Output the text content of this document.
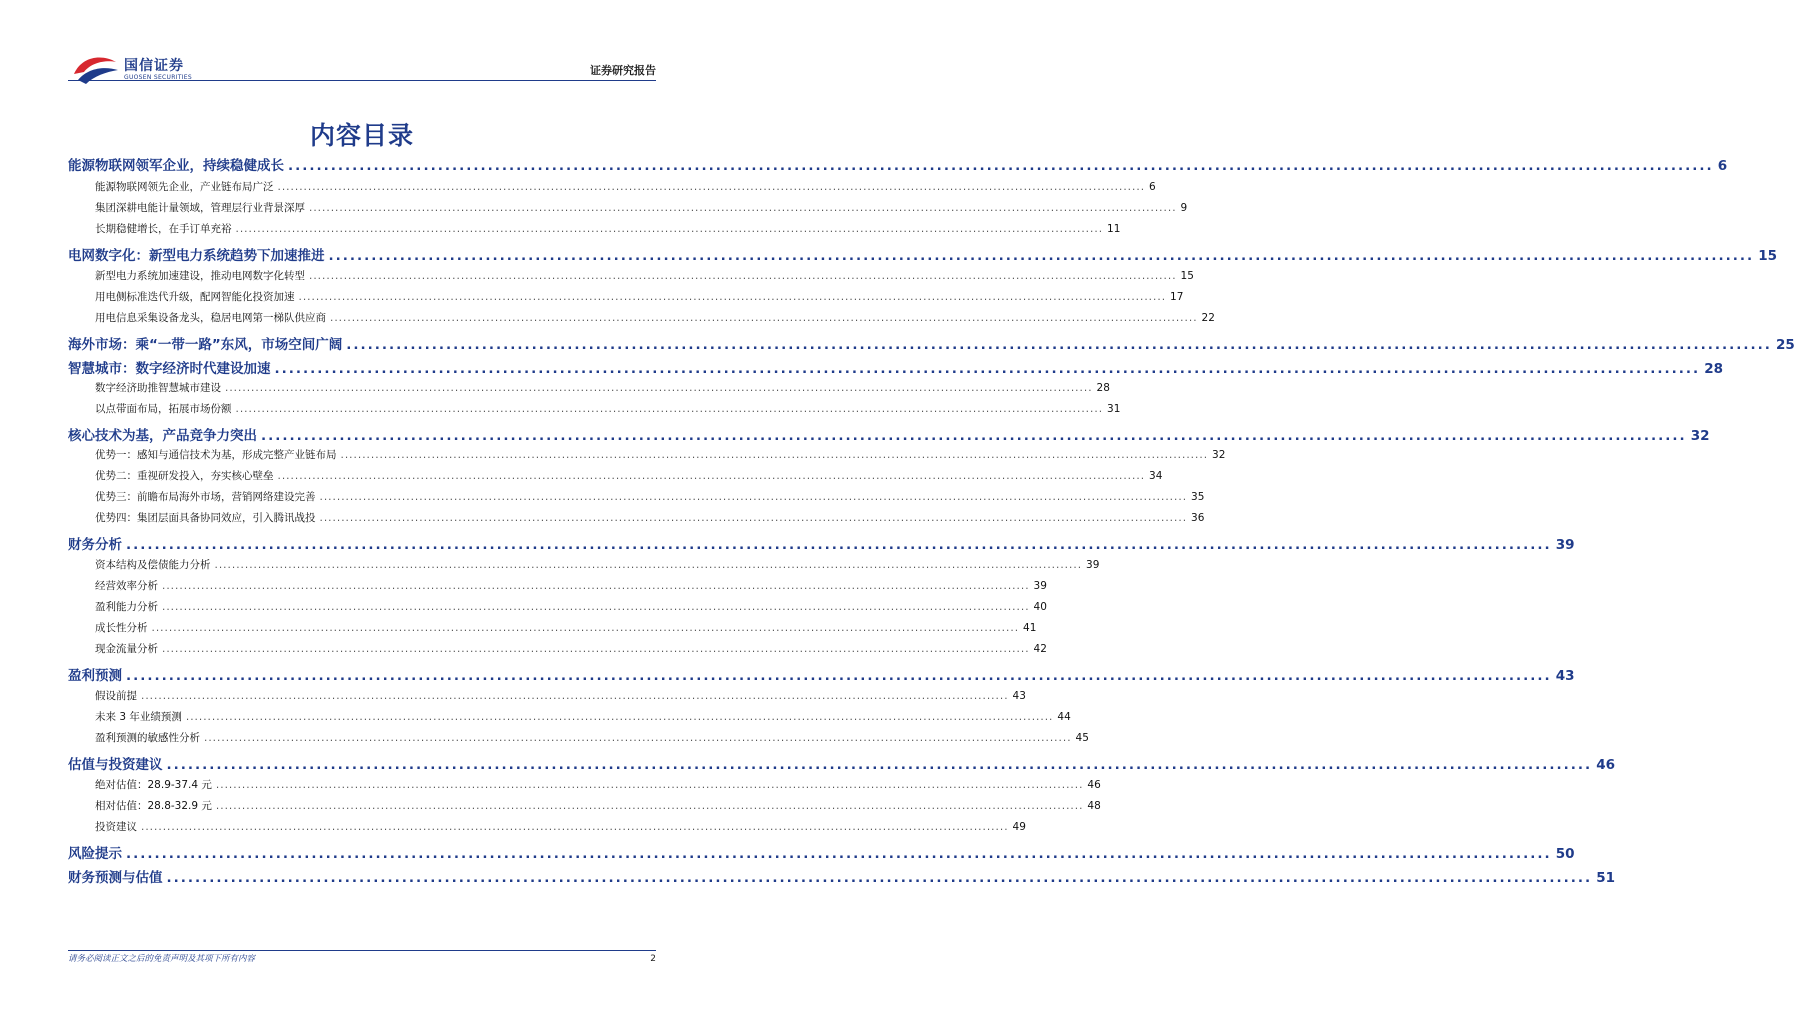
国信证券
GUOSEN SECURITIES
证券研究报告
内容目录
能源物联网领军企业，持续稳健成长 ........................................................................................................................................................................................................ 6
能源物联网领先企业，产业链布局广泛 ........................................................................................................................................................................................................ 6
集团深耕电能计量领域，管理层行业背景深厚 ........................................................................................................................................................................................................ 9
长期稳健增长，在手订单充裕 ........................................................................................................................................................................................................ 11
电网数字化：新型电力系统趋势下加速推进 ........................................................................................................................................................................................................ 15
新型电力系统加速建设，推动电网数字化转型 ........................................................................................................................................................................................................ 15
用电侧标准迭代升级，配网智能化投资加速 ........................................................................................................................................................................................................ 17
用电信息采集设备龙头，稳居电网第一梯队供应商 ........................................................................................................................................................................................................ 22
海外市场：乘“一带一路”东风，市场空间广阔 ........................................................................................................................................................................................................ 25
智慧城市：数字经济时代建设加速 ........................................................................................................................................................................................................ 28
数字经济助推智慧城市建设 ........................................................................................................................................................................................................ 28
以点带面布局，拓展市场份额 ........................................................................................................................................................................................................ 31
核心技术为基，产品竞争力突出 ........................................................................................................................................................................................................ 32
优势一：感知与通信技术为基，形成完整产业链布局 ........................................................................................................................................................................................................ 32
优势二：重视研发投入，夯实核心壁垒 ........................................................................................................................................................................................................ 34
优势三：前瞻布局海外市场，营销网络建设完善 ........................................................................................................................................................................................................ 35
优势四：集团层面具备协同效应，引入腾讯战投 ........................................................................................................................................................................................................ 36
财务分析 ........................................................................................................................................................................................................ 39
资本结构及偿债能力分析 ........................................................................................................................................................................................................ 39
经营效率分析 ........................................................................................................................................................................................................ 39
盈利能力分析 ........................................................................................................................................................................................................ 40
成长性分析 ........................................................................................................................................................................................................ 41
现金流量分析 ........................................................................................................................................................................................................ 42
盈利预测 ........................................................................................................................................................................................................ 43
假设前提 ........................................................................................................................................................................................................ 43
未来 3 年业绩预测 ........................................................................................................................................................................................................ 44
盈利预测的敏感性分析 ........................................................................................................................................................................................................ 45
估值与投资建议 ........................................................................................................................................................................................................ 46
绝对估值：28.9-37.4 元 ........................................................................................................................................................................................................ 46
相对估值：28.8-32.9 元 ........................................................................................................................................................................................................ 48
投资建议 ........................................................................................................................................................................................................ 49
风险提示 ........................................................................................................................................................................................................ 50
财务预测与估值 ........................................................................................................................................................................................................ 51
请务必阅读正文之后的免责声明及其项下所有内容	2
